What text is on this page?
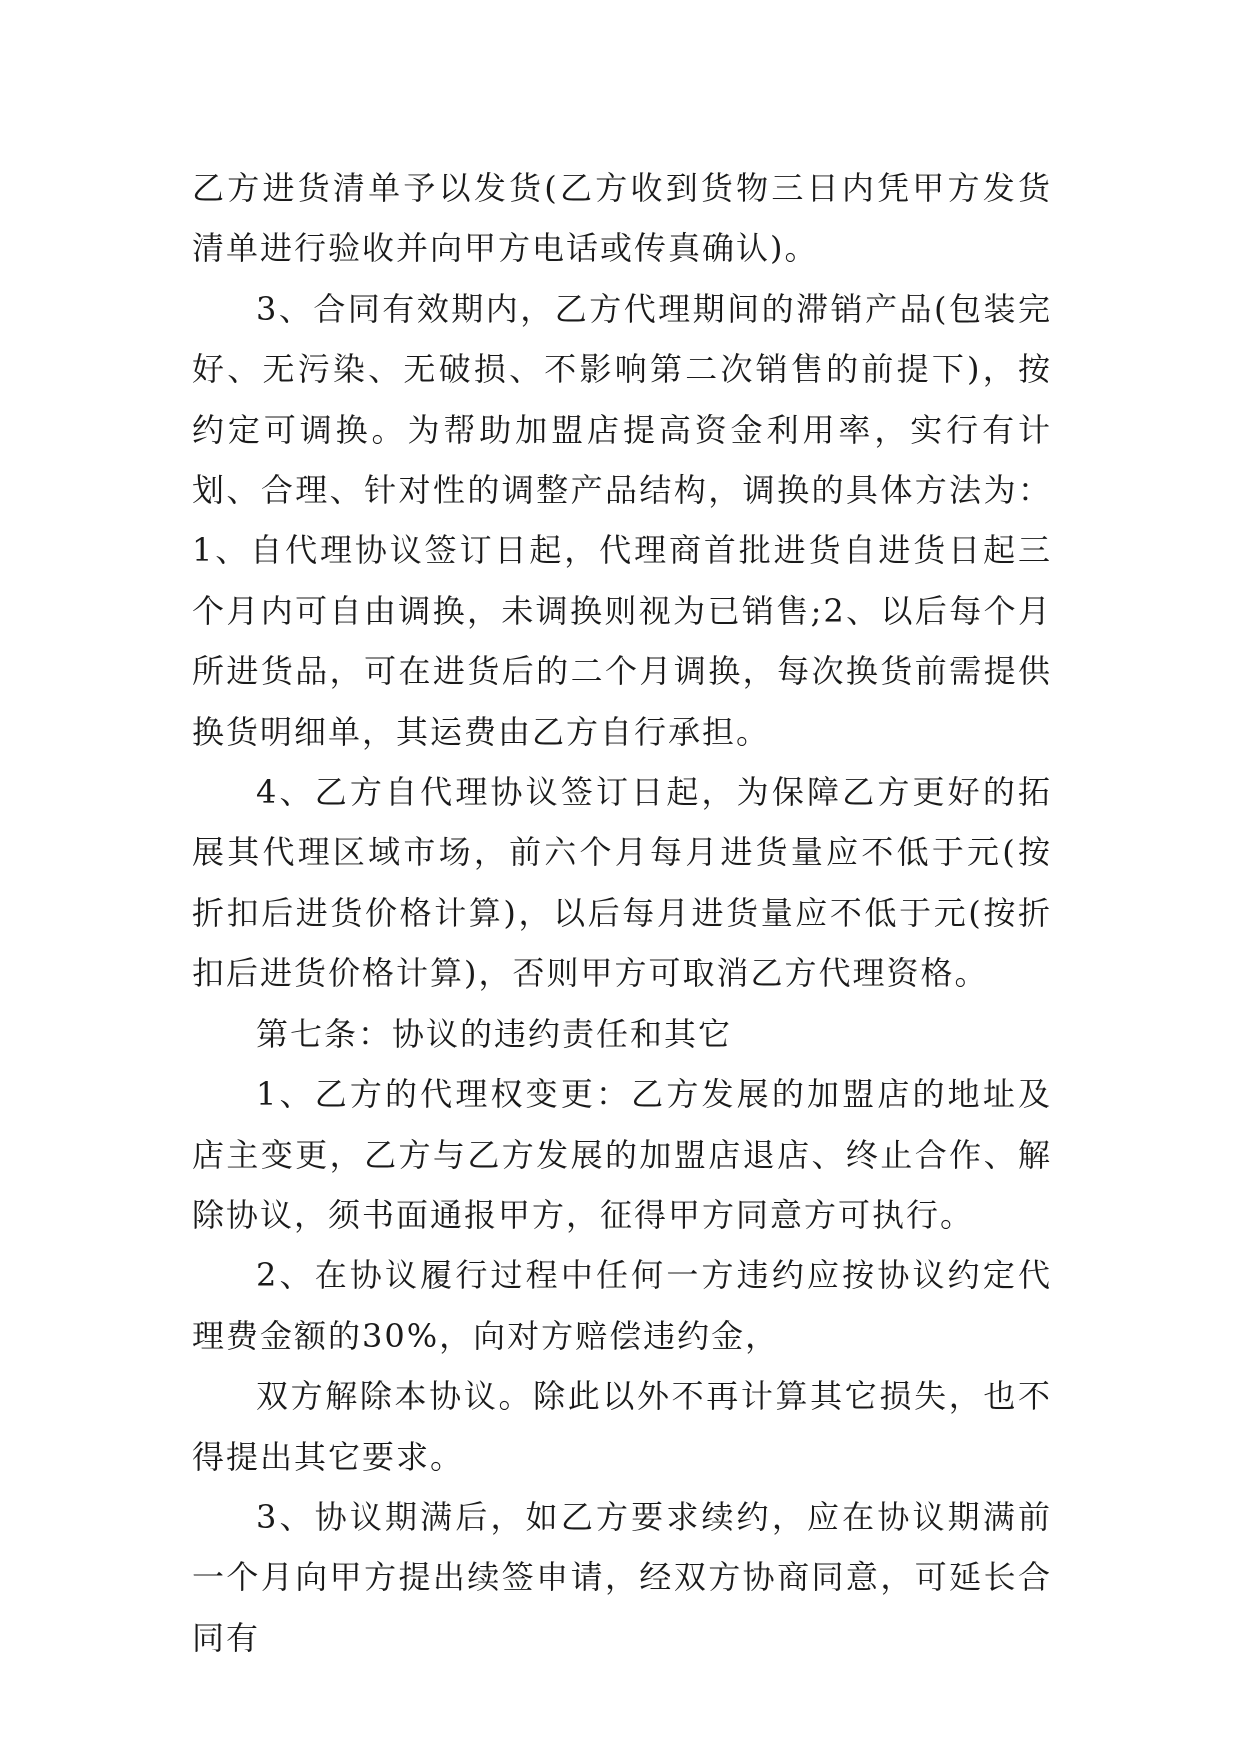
乙方进货清单予以发货(乙方收到货物三日内凭甲方发货清单进行验收并向甲方电话或传真确认)。

3、合同有效期内，乙方代理期间的滞销产品(包装完好、无污染、无破损、不影响第二次销售的前提下)，按约定可调换。为帮助加盟店提高资金利用率，实行有计划、合理、针对性的调整产品结构，调换的具体方法为：1、自代理协议签订日起，代理商首批进货自进货日起三个月内可自由调换，未调换则视为已销售;2、以后每个月所进货品，可在进货后的二个月调换，每次换货前需提供换货明细单，其运费由乙方自行承担。

4、乙方自代理协议签订日起，为保障乙方更好的拓展其代理区域市场，前六个月每月进货量应不低于元(按折扣后进货价格计算)，以后每月进货量应不低于元(按折扣后进货价格计算)，否则甲方可取消乙方代理资格。

第七条：协议的违约责任和其它

1、乙方的代理权变更：乙方发展的加盟店的地址及店主变更，乙方与乙方发展的加盟店退店、终止合作、解除协议，须书面通报甲方，征得甲方同意方可执行。

2、在协议履行过程中任何一方违约应按协议约定代理费金额的30%，向对方赔偿违约金，

双方解除本协议。除此以外不再计算其它损失，也不得提出其它要求。

3、协议期满后，如乙方要求续约，应在协议期满前一个月向甲方提出续签申请，经双方协商同意，可延长合同有
